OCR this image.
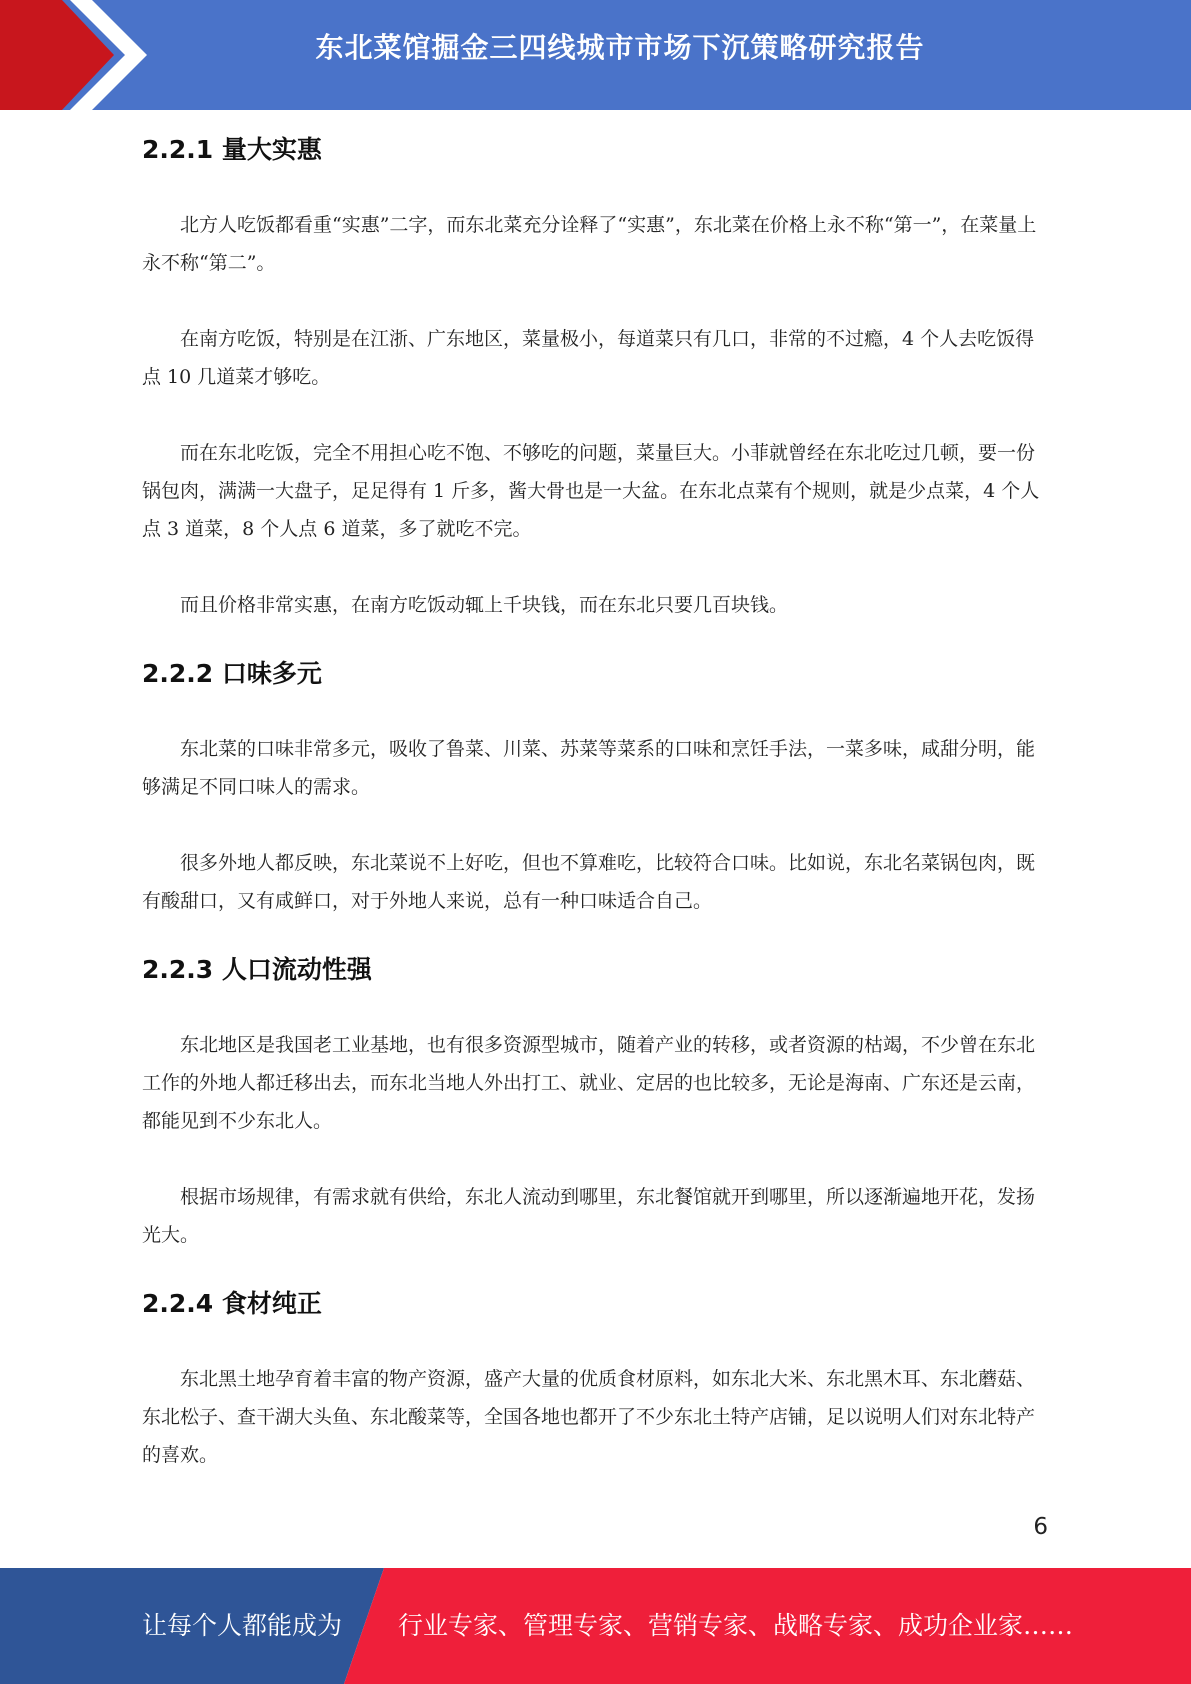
东北菜馆掘金三四线城市市场下沉策略研究报告
2.2.1 量大实惠

北方人吃饭都看重“实惠”二字，而东北菜充分诠释了“实惠”，东北菜在价格上永不称“第一”，在菜量上永不称“第二”。

在南方吃饭，特别是在江浙、广东地区，菜量极小，每道菜只有几口，非常的不过瘾，4 个人去吃饭得点 10 几道菜才够吃。

而在东北吃饭，完全不用担心吃不饱、不够吃的问题，菜量巨大。小菲就曾经在东北吃过几顿，要一份锅包肉，满满一大盘子，足足得有 1 斤多，酱大骨也是一大盆。在东北点菜有个规则，就是少点菜，4 个人点 3 道菜，8 个人点 6 道菜，多了就吃不完。

而且价格非常实惠，在南方吃饭动辄上千块钱，而在东北只要几百块钱。

2.2.2 口味多元

东北菜的口味非常多元，吸收了鲁菜、川菜、苏菜等菜系的口味和烹饪手法，一菜多味，咸甜分明，能够满足不同口味人的需求。

很多外地人都反映，东北菜说不上好吃，但也不算难吃，比较符合口味。比如说，东北名菜锅包肉，既有酸甜口，又有咸鲜口，对于外地人来说，总有一种口味适合自己。

2.2.3 人口流动性强

东北地区是我国老工业基地，也有很多资源型城市，随着产业的转移，或者资源的枯竭，不少曾在东北工作的外地人都迁移出去，而东北当地人外出打工、就业、定居的也比较多，无论是海南、广东还是云南，都能见到不少东北人。

根据市场规律，有需求就有供给，东北人流动到哪里，东北餐馆就开到哪里，所以逐渐遍地开花，发扬光大。

2.2.4 食材纯正

东北黑土地孕育着丰富的物产资源，盛产大量的优质食材原料，如东北大米、东北黑木耳、东北蘑菇、东北松子、查干湖大头鱼、东北酸菜等，全国各地也都开了不少东北土特产店铺，足以说明人们对东北特产的喜欢。

6
让每个人都能成为 行业专家、管理专家、营销专家、战略专家、成功企业家……
